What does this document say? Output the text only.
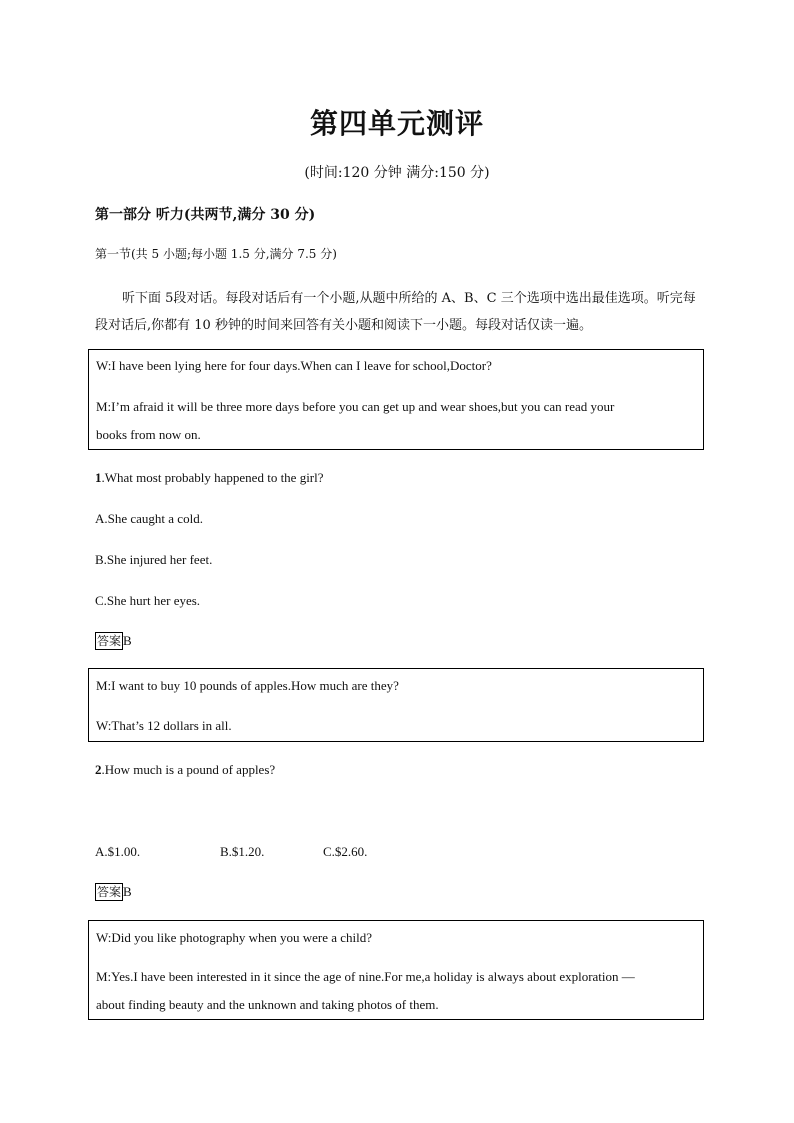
第四单元测评
(时间:120 分钟 满分:150 分)
第一部分 听力(共两节,满分 30 分)
第一节(共 5 小题;每小题 1.5 分,满分 7.5 分)
听下面 5段对话。每段对话后有一个小题,从题中所给的 A、B、C 三个选项中选出最佳选项。听完每段对话后,你都有 10 秒钟的时间来回答有关小题和阅读下一小题。每段对话仅读一遍。

W:I have been lying here for four days.When can I leave for school,Doctor?

M:I’m afraid it will be three more days before you can get up and wear shoes,but you can read your

books from now on.

1.What most probably happened to the girl?
A.She caught a cold.
B.She injured her feet.
C.She hurt her eyes.
答案 B

M:I want to buy 10 pounds of apples.How much are they?

W:That’s 12 dollars in all.

2.How much is a pound of apples?
A.$1.00.	B.$1.20.	C.$2.60.
答案 B

W:Did you like photography when you were a child?

M:Yes.I have been interested in it since the age of nine.For me,a holiday is always about exploration —

about finding beauty and the unknown and taking photos of them.
